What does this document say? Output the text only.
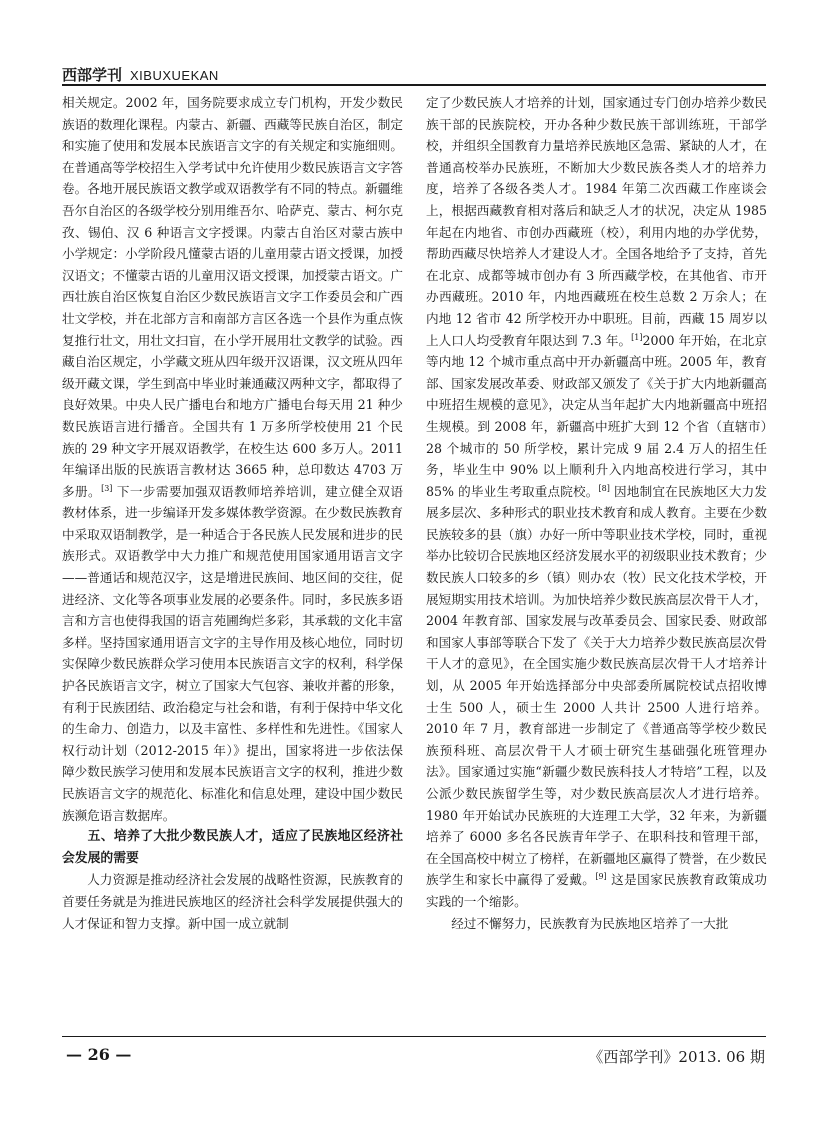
西部学刊 XIBUXUEKAN

相关规定。2002 年，国务院要求成立专门机构，开发少数民族语的数理化课程。内蒙古、新疆、西藏等民族自治区，制定和实施了使用和发展本民族语言文字的有关规定和实施细则。在普通高等学校招生入学考试中允许使用少数民族语言文字答卷。各地开展民族语文教学或双语教学有不同的特点。新疆维吾尔自治区的各级学校分别用维吾尔、哈萨克、蒙古、柯尔克孜、锡伯、汉 6 种语言文字授课。内蒙古自治区对蒙古族中小学规定：小学阶段凡懂蒙古语的儿童用蒙古语文授课，加授汉语文；不懂蒙古语的儿童用汉语文授课，加授蒙古语文。广西壮族自治区恢复自治区少数民族语言文字工作委员会和广西壮文学校，并在北部方言和南部方言区各选一个县作为重点恢复推行壮文，用壮文扫盲，在小学开展用壮文教学的试验。西藏自治区规定，小学藏文班从四年级开汉语课，汉文班从四年级开藏文课，学生到高中毕业时兼通藏汉两种文字，都取得了良好效果。中央人民广播电台和地方广播电台每天用 21 种少数民族语言进行播音。全国共有 1 万多所学校使用 21 个民族的 29 种文字开展双语教学，在校生达 600 多万人。2011 年编译出版的民族语言教材达 3665 种，总印数达 4703 万多册。[3] 下一步需要加强双语教师培养培训，建立健全双语教材体系，进一步编译开发多媒体教学资源。在少数民族教育中采取双语制教学，是一种适合于各民族人民发展和进步的民族形式。双语教学中大力推广和规范使用国家通用语言文字——普通话和规范汉字，这是增进民族间、地区间的交往，促进经济、文化等各项事业发展的必要条件。同时，多民族多语言和方言也使得我国的语言苑圃绚烂多彩，其承载的文化丰富多样。坚持国家通用语言文字的主导作用及核心地位，同时切实保障少数民族群众学习使用本民族语言文字的权利，科学保护各民族语言文字，树立了国家大气包容、兼收并蓄的形象，有利于民族团结、政治稳定与社会和谐，有利于保持中华文化的生命力、创造力，以及丰富性、多样性和先进性。《国家人权行动计划（2012-2015 年）》提出，国家将进一步依法保障少数民族学习使用和发展本民族语言文字的权利，推进少数民族语言文字的规范化、标准化和信息处理，建设中国少数民族濒危语言数据库。

五、培养了大批少数民族人才，适应了民族地区经济社会发展的需要

人力资源是推动经济社会发展的战略性资源，民族教育的首要任务就是为推进民族地区的经济社会科学发展提供强大的人才保证和智力支撑。新中国一成立就制

定了少数民族人才培养的计划，国家通过专门创办培养少数民族干部的民族院校，开办各种少数民族干部训练班，干部学校，并组织全国教育力量培养民族地区急需、紧缺的人才，在普通高校举办民族班，不断加大少数民族各类人才的培养力度，培养了各级各类人才。1984 年第二次西藏工作座谈会上，根据西藏教育相对落后和缺乏人才的状况，决定从 1985 年起在内地省、市创办西藏班（校），利用内地的办学优势，帮助西藏尽快培养人才建设人才。全国各地给予了支持，首先在北京、成都等城市创办有 3 所西藏学校，在其他省、市开办西藏班。2010 年，内地西藏班在校生总数 2 万余人；在内地 12 省市 42 所学校开办中职班。目前，西藏 15 周岁以上人口人均受教育年限达到 7.3 年。[1]2000 年开始，在北京等内地 12 个城市重点高中开办新疆高中班。2005 年，教育部、国家发展改革委、财政部又颁发了《关于扩大内地新疆高中班招生规模的意见》，决定从当年起扩大内地新疆高中班招生规模。到 2008 年，新疆高中班扩大到 12 个省（直辖市）28 个城市的 50 所学校，累计完成 9 届 2.4 万人的招生任务，毕业生中 90% 以上顺利升入内地高校进行学习，其中 85% 的毕业生考取重点院校。[8] 因地制宜在民族地区大力发展多层次、多种形式的职业技术教育和成人教育。主要在少数民族较多的县（旗）办好一所中等职业技术学校，同时，重视举办比较切合民族地区经济发展水平的初级职业技术教育；少数民族人口较多的乡（镇）则办农（牧）民文化技术学校，开展短期实用技术培训。为加快培养少数民族高层次骨干人才，2004 年教育部、国家发展与改革委员会、国家民委、财政部和国家人事部等联合下发了《关于大力培养少数民族高层次骨干人才的意见》，在全国实施少数民族高层次骨干人才培养计划，从 2005 年开始选择部分中央部委所属院校试点招收博士生 500 人，硕士生 2000 人共计 2500 人进行培养。2010 年 7 月，教育部进一步制定了《普通高等学校少数民族预科班、高层次骨干人才硕士研究生基础强化班管理办法》。国家通过实施“新疆少数民族科技人才特培”工程，以及公派少数民族留学生等，对少数民族高层次人才进行培养。1980 年开始试办民族班的大连理工大学，32 年来，为新疆培养了 6000 多名各民族青年学子、在职科技和管理干部，在全国高校中树立了榜样，在新疆地区赢得了赞誉，在少数民族学生和家长中赢得了爱戴。[9] 这是国家民族教育政策成功实践的一个缩影。

经过不懈努力，民族教育为民族地区培养了一大批

— 26 —	《西部学刊》2013. 06 期
